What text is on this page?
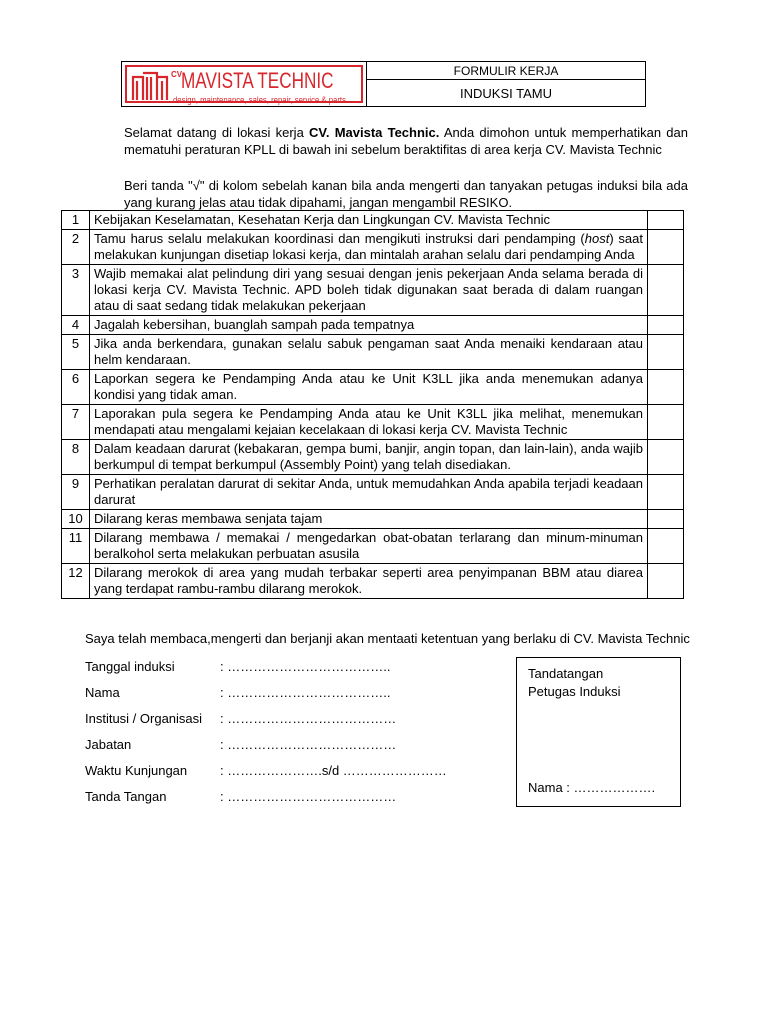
CV
MAVISTA TECHNIC
design, maintenance, sales, repair, service & parts
FORMULIR KERJA
INDUKSI TAMU
Selamat datang di lokasi kerja CV. Mavista Technic. Anda dimohon untuk memperhatikan dan mematuhi peraturan KPLL di bawah ini sebelum beraktifitas di area kerja CV. Mavista Technic
Beri tanda "√" di kolom sebelah kanan bila anda mengerti dan tanyakan petugas induksi bila ada yang kurang jelas atau tidak dipahami, jangan mengambil RESIKO.
1	Kebijakan Keselamatan, Kesehatan Kerja dan Lingkungan CV. Mavista Technic	
2	Tamu harus selalu melakukan koordinasi dan mengikuti instruksi dari pendamping (host) saat melakukan kunjungan disetiap lokasi kerja, dan mintalah arahan selalu dari pendamping Anda	
3	Wajib memakai alat pelindung diri yang sesuai dengan jenis pekerjaan Anda selama berada di lokasi kerja CV. Mavista Technic. APD boleh tidak digunakan saat berada di dalam ruangan atau di saat sedang tidak melakukan pekerjaan	
4	Jagalah kebersihan, buanglah sampah pada tempatnya	
5	Jika anda berkendara, gunakan selalu sabuk pengaman saat Anda menaiki kendaraan atau helm kendaraan.	
6	Laporkan segera ke Pendamping Anda atau ke Unit K3LL jika anda menemukan adanya kondisi yang tidak aman.	
7	Laporakan pula segera ke Pendamping Anda atau ke Unit K3LL jika melihat, menemukan mendapati atau mengalami kejaian kecelakaan di lokasi kerja CV. Mavista Technic	
8	Dalam keadaan darurat (kebakaran, gempa bumi, banjir, angin topan, dan lain-lain), anda wajib berkumpul di tempat berkumpul (Assembly Point) yang telah disediakan.	
9	Perhatikan peralatan darurat di sekitar Anda, untuk memudahkan Anda apabila terjadi keadaan darurat	
10	Dilarang keras membawa senjata tajam	
11	Dilarang membawa / memakai / mengedarkan obat-obatan terlarang dan minum-minuman beralkohol serta melakukan perbuatan asusila	
12	Dilarang merokok di area yang mudah terbakar seperti area penyimpanan BBM atau diarea yang terdapat rambu-rambu dilarang merokok.	
Saya telah membaca,mengerti dan berjanji akan mentaati ketentuan yang berlaku di CV. Mavista Technic
Tanggal induksi	: ………………………………..
Nama	: ………………………………..
Institusi / Organisasi : …………………………………
Jabatan	: …………………………………
Waktu Kunjungan	: ………………….s/d ……………………
Tanda Tangan	: …………………………………
Tandatangan
Petugas Induksi
Nama : ……………….
